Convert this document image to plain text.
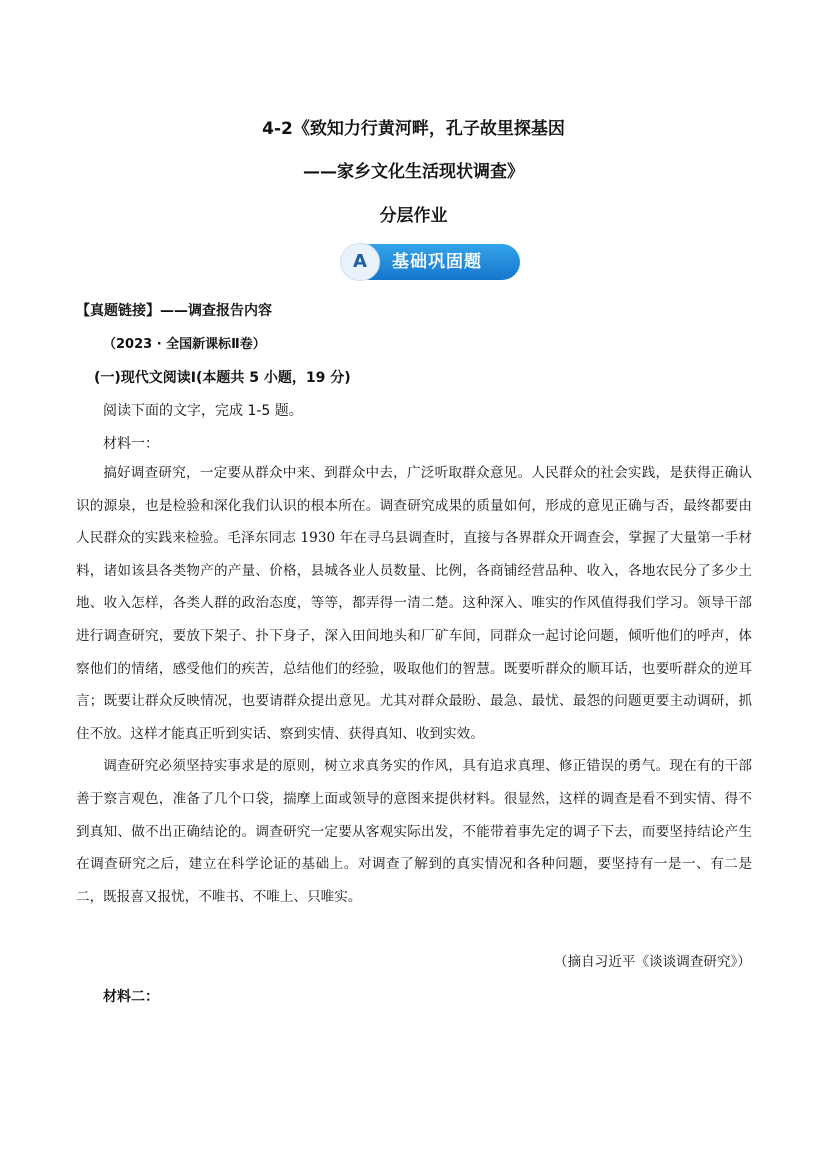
4-2《致知力行黄河畔，孔子故里探基因
——家乡文化生活现状调查》
分层作业
A	基础巩固题
【真题链接】——调查报告内容
（2023 · 全国新课标Ⅱ卷）
(一)现代文阅读Ⅰ(本题共 5 小题，19 分)
阅读下面的文字，完成 1-5 题。
材料一：

搞好调查研究，一定要从群众中来、到群众中去，广泛听取群众意见。人民群众的社会实践，是获得正确认识的源泉，也是检验和深化我们认识的根本所在。调查研究成果的质量如何，形成的意见正确与否，最终都要由人民群众的实践来检验。毛泽东同志 1930 年在寻乌县调查时，直接与各界群众开调查会，掌握了大量第一手材料，诸如该县各类物产的产量、价格，县城各业人员数量、比例，各商铺经营品种、收入，各地农民分了多少土地、收入怎样，各类人群的政治态度，等等，都弄得一清二楚。这种深入、唯实的作风值得我们学习。领导干部进行调查研究，要放下架子、扑下身子，深入田间地头和厂矿车间，同群众一起讨论问题，倾听他们的呼声，体察他们的情绪，感受他们的疾苦，总结他们的经验，吸取他们的智慧。既要听群众的顺耳话，也要听群众的逆耳言；既要让群众反映情况，也要请群众提出意见。尤其对群众最盼、最急、最忧、最怨的问题更要主动调研，抓住不放。这样才能真正听到实话、察到实情、获得真知、收到实效。

调查研究必须坚持实事求是的原则，树立求真务实的作风，具有追求真理、修正错误的勇气。现在有的干部善于察言观色，准备了几个口袋，揣摩上面或领导的意图来提供材料。很显然，这样的调查是看不到实情、得不到真知、做不出正确结论的。调查研究一定要从客观实际出发，不能带着事先定的调子下去，而要坚持结论产生在调查研究之后，建立在科学论证的基础上。对调查了解到的真实情况和各种问题，要坚持有一是一、有二是二，既报喜又报忧，不唯书、不唯上、只唯实。

（摘自习近平《谈谈调查研究》）
材料二：
